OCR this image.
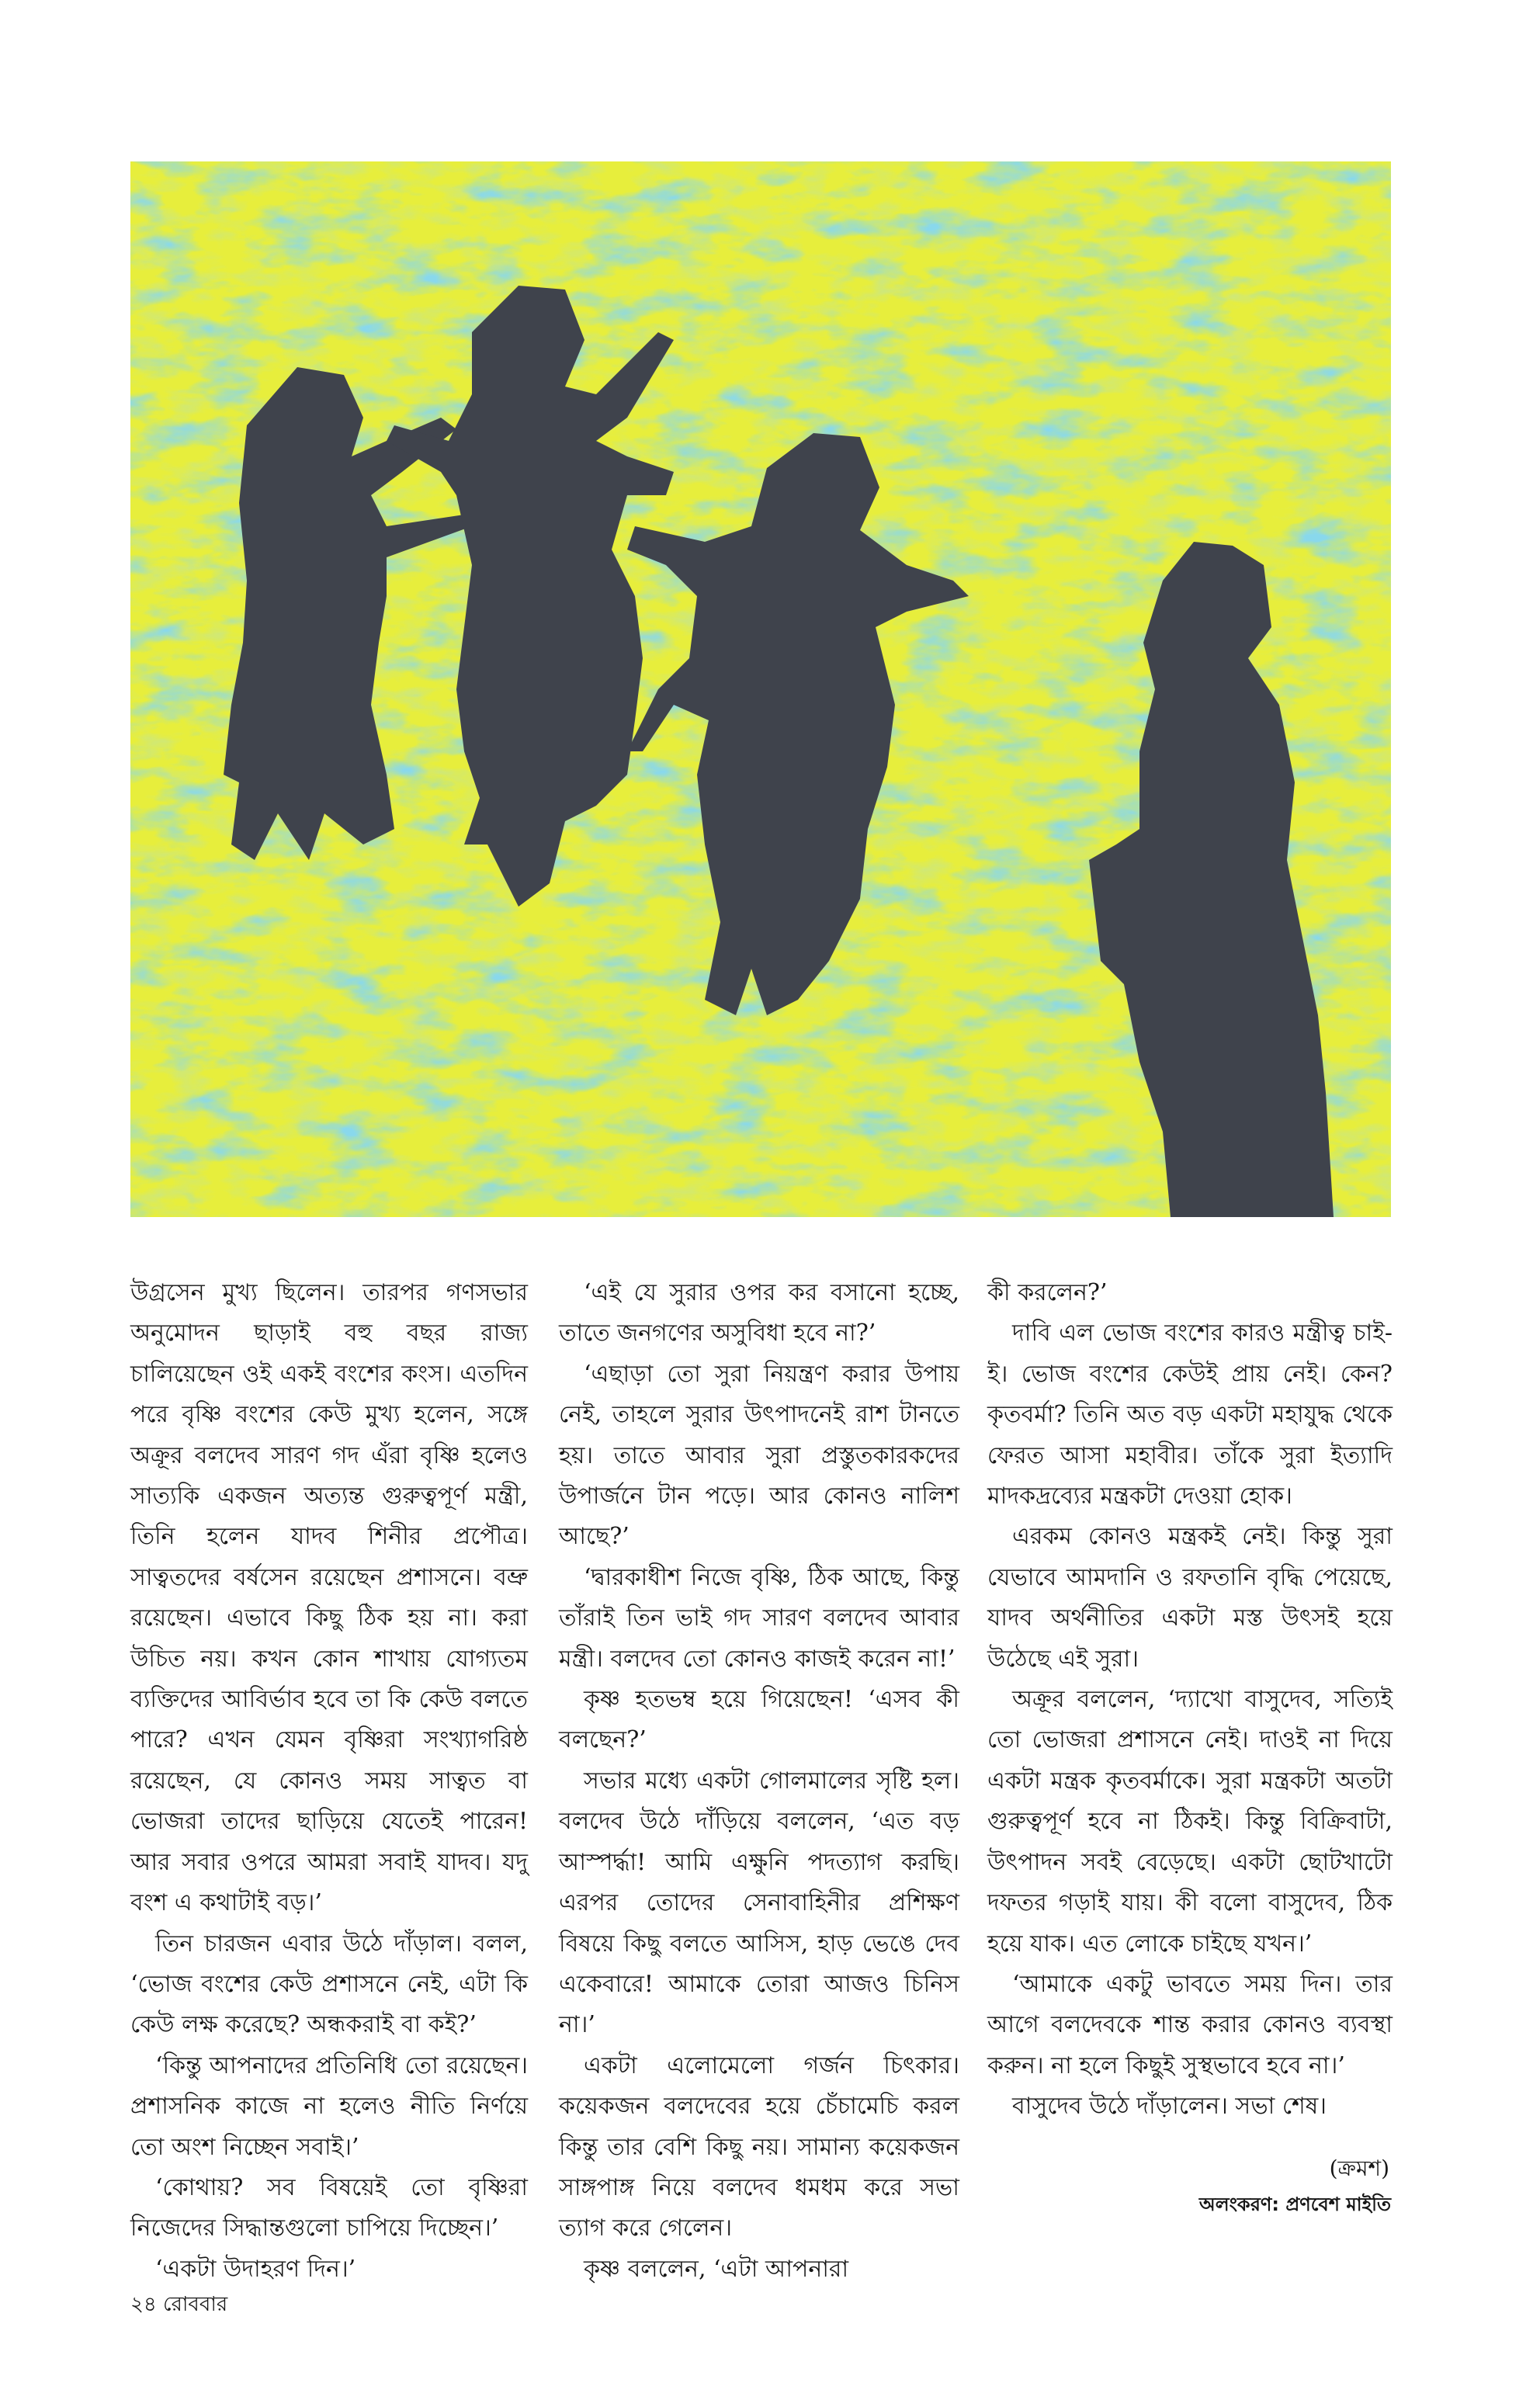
উগ্রসেন মুখ্য ছিলেন। তারপর গণসভার অনুমোদন ছাড়াই বহু বছর রাজ্য চালিয়েছেন ওই একই বংশের কংস। এতদিন পরে বৃষ্ণি বংশের কেউ মুখ্য হলেন, সঙ্গে অক্রূর বলদেব সারণ গদ এঁরা বৃষ্ণি হলেও সাত্যকি একজন অত্যন্ত গুরুত্বপূর্ণ মন্ত্রী, তিনি হলেন যাদব শিনীর প্রপৌত্র। সাত্বতদের বর্ষসেন রয়েছেন প্রশাসনে। বভ্রু রয়েছেন। এভাবে কিছু ঠিক হয় না। করা উচিত নয়। কখন কোন শাখায় যোগ্যতম ব্যক্তিদের আবির্ভাব হবে তা কি কেউ বলতে পারে? এখন যেমন বৃষ্ণিরা সংখ্যাগরিষ্ঠ রয়েছেন, যে কোনও সময় সাত্বত বা ভোজরা তাদের ছাড়িয়ে যেতেই পারেন! আর সবার ওপরে আমরা সবাই যাদব। যদু বংশ এ কথাটাই বড়।’

তিন চারজন এবার উঠে দাঁড়াল। বলল, ‘ভোজ বংশের কেউ প্রশাসনে নেই, এটা কি কেউ লক্ষ করেছে? অন্ধকরাই বা কই?’

‘কিন্তু আপনাদের প্রতিনিধি তো রয়েছেন। প্রশাসনিক কাজে না হলেও নীতি নির্ণয়ে তো অংশ নিচ্ছেন সবাই।’

‘কোথায়? সব বিষয়েই তো বৃষ্ণিরা নিজেদের সিদ্ধান্তগুলো চাপিয়ে দিচ্ছেন।’

‘একটা উদাহরণ দিন।’

‘এই যে সুরার ওপর কর বসানো হচ্ছে, তাতে জনগণের অসুবিধা হবে না?’

‘এছাড়া তো সুরা নিয়ন্ত্রণ করার উপায় নেই, তাহলে সুরার উৎপাদনেই রাশ টানতে হয়। তাতে আবার সুরা প্রস্তুতকারকদের উপার্জনে টান পড়ে। আর কোনও নালিশ আছে?’

‘দ্বারকাধীশ নিজে বৃষ্ণি, ঠিক আছে, কিন্তু তাঁরাই তিন ভাই গদ সারণ বলদেব আবার মন্ত্রী। বলদেব তো কোনও কাজই করেন না!’

কৃষ্ণ হতভম্ব হয়ে গিয়েছেন! ‘এসব কী বলছেন?’

সভার মধ্যে একটা গোলমালের সৃষ্টি হল। বলদেব উঠে দাঁড়িয়ে বললেন, ‘এত বড় আস্পর্দ্ধা! আমি এক্ষুনি পদত্যাগ করছি। এরপর তোদের সেনাবাহিনীর প্রশিক্ষণ বিষয়ে কিছু বলতে আসিস, হাড় ভেঙে দেব একেবারে! আমাকে তোরা আজও চিনিস না।’

একটা এলোমেলো গর্জন চিৎকার। কয়েকজন বলদেবের হয়ে চেঁচামেচি করল কিন্তু তার বেশি কিছু নয়। সামান্য কয়েকজন সাঙ্গপাঙ্গ নিয়ে বলদেব ধমধম করে সভা ত্যাগ করে গেলেন।

কৃষ্ণ বললেন, ‘এটা আপনারা

কী করলেন?’

দাবি এল ভোজ বংশের কারও মন্ত্রীত্ব চাই-ই। ভোজ বংশের কেউই প্রায় নেই। কেন? কৃতবর্মা? তিনি অত বড় একটা মহাযুদ্ধ থেকে ফেরত আসা মহাবীর। তাঁকে সুরা ইত্যাদি মাদকদ্রব্যের মন্ত্রকটা দেওয়া হোক।

এরকম কোনও মন্ত্রকই নেই। কিন্তু সুরা যেভাবে আমদানি ও রফতানি বৃদ্ধি পেয়েছে, যাদব অর্থনীতির একটা মস্ত উৎসই হয়ে উঠেছে এই সুরা।

অক্রূর বললেন, ‘দ্যাখো বাসুদেব, সত্যিই তো ভোজরা প্রশাসনে নেই। দাওই না দিয়ে একটা মন্ত্রক কৃতবর্মাকে। সুরা মন্ত্রকটা অতটা গুরুত্বপূর্ণ হবে না ঠিকই। কিন্তু বিক্রিবাটা, উৎপাদন সবই বেড়েছে। একটা ছোটখাটো দফতর গড়াই যায়। কী বলো বাসুদেব, ঠিক হয়ে যাক। এত লোকে চাইছে যখন।’

‘আমাকে একটু ভাবতে সময় দিন। তার আগে বলদেবকে শান্ত করার কোনও ব্যবস্থা করুন। না হলে কিছুই সুস্থভাবে হবে না।’

বাসুদেব উঠে দাঁড়ালেন। সভা শেষ।

(ক্রমশ)
অলংকরণ: প্রণবেশ মাইতি
২৪ রোববার
